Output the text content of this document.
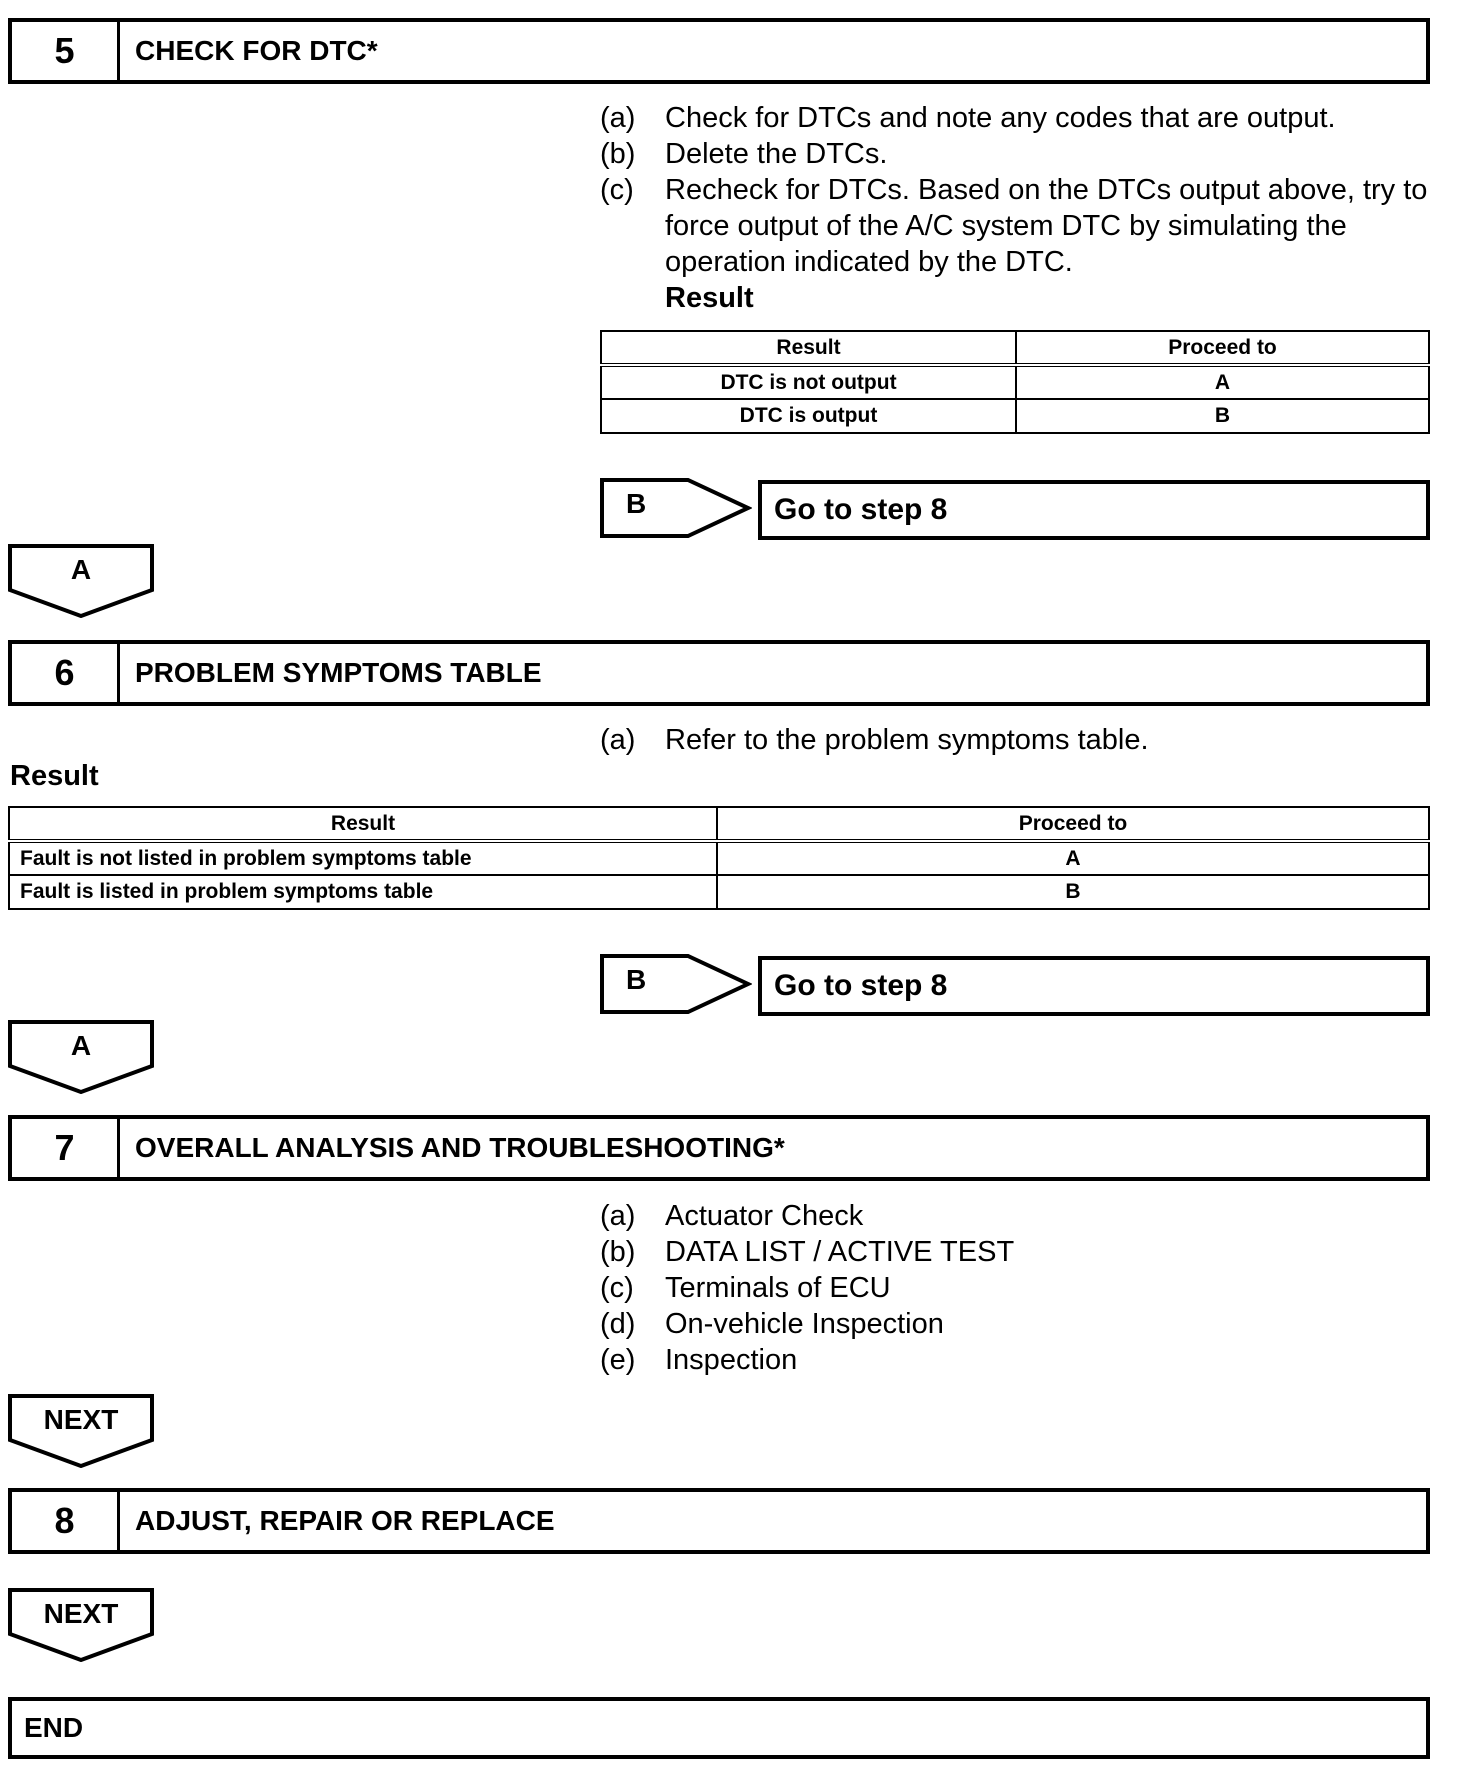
5	CHECK FOR DTC*
(a)	Check for DTCs and note any codes that are output.
(b)	Delete the DTCs.
(c)	Recheck for DTCs. Based on the DTCs output above, try to force output of the A/C system DTC by simulating the operation indicated by the DTC.
Result
Result	Proceed to
DTC is not output	A
DTC is output	B
B	Go to step 8
A
6	PROBLEM SYMPTOMS TABLE
(a)	Refer to the problem symptoms table.
Result
Result	Proceed to
Fault is not listed in problem symptoms table	A
Fault is listed in problem symptoms table	B
B	Go to step 8
A
7	OVERALL ANALYSIS AND TROUBLESHOOTING*
(a)	Actuator Check
(b)	DATA LIST / ACTIVE TEST
(c)	Terminals of ECU
(d)	On-vehicle Inspection
(e)	Inspection
NEXT
8	ADJUST, REPAIR OR REPLACE
NEXT
END
